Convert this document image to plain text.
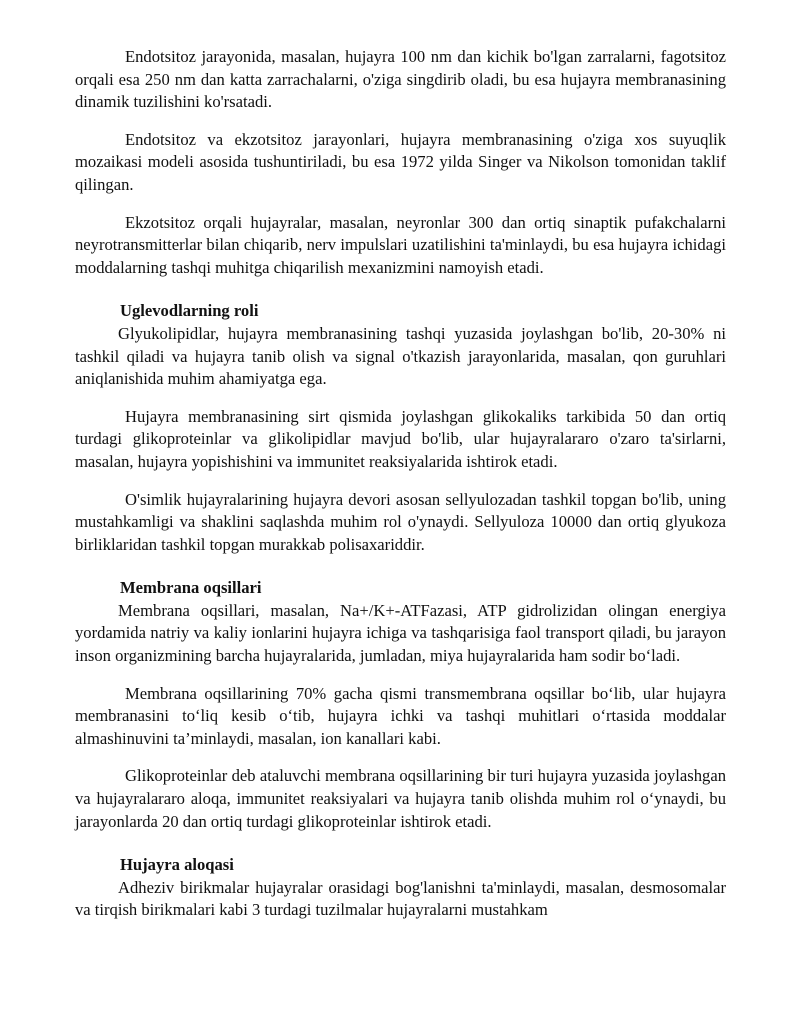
Endotsitoz jarayonida, masalan, hujayra 100 nm dan kichik bo'lgan zarralarni, fagotsitoz orqali esa 250 nm dan katta zarrachalarni, o'ziga singdirib oladi, bu esa hujayra membranasining dinamik tuzilishini ko'rsatadi.

Endotsitoz va ekzotsitoz jarayonlari, hujayra membranasining o'ziga xos suyuqlik mozaikasi modeli asosida tushuntiriladi, bu esa 1972 yilda Singer va Nikolson tomonidan taklif qilingan.

Ekzotsitoz orqali hujayralar, masalan, neyronlar 300 dan ortiq sinaptik pufakchalarni neyrotransmitterlar bilan chiqarib, nerv impulslari uzatilishini ta'minlaydi, bu esa hujayra ichidagi moddalarning tashqi muhitga chiqarilish mexanizmini namoyish etadi.

Uglevodlarning roli

Glyukolipidlar, hujayra membranasining tashqi yuzasida joylashgan bo'lib, 20-30% ni tashkil qiladi va hujayra tanib olish va signal o'tkazish jarayonlarida, masalan, qon guruhlari aniqlanishida muhim ahamiyatga ega.

Hujayra membranasining sirt qismida joylashgan glikokaliks tarkibida 50 dan ortiq turdagi glikoproteinlar va glikolipidlar mavjud bo'lib, ular hujayralararo o'zaro ta'sirlarni, masalan, hujayra yopishishini va immunitet reaksiyalarida ishtirok etadi.

O'simlik hujayralarining hujayra devori asosan sellyulozadan tashkil topgan bo'lib, uning mustahkamligi va shaklini saqlashda muhim rol o'ynaydi. Sellyuloza 10000 dan ortiq glyukoza birliklaridan tashkil topgan murakkab polisaxariddir.

Membrana oqsillari

Membrana oqsillari, masalan, Na+/K+-ATFazasi, ATP gidrolizidan olingan energiya yordamida natriy va kaliy ionlarini hujayra ichiga va tashqarisiga faol transport qiladi, bu jarayon inson organizmining barcha hujayralarida, jumladan, miya hujayralarida ham sodir bo‘ladi.

Membrana oqsillarining 70% gacha qismi transmembrana oqsillar bo‘lib, ular hujayra membranasini to‘liq kesib o‘tib, hujayra ichki va tashqi muhitlari o‘rtasida moddalar almashinuvini ta’minlaydi, masalan, ion kanallari kabi.

Glikoproteinlar deb ataluvchi membrana oqsillarining bir turi hujayra yuzasida joylashgan va hujayralararo aloqa, immunitet reaksiyalari va hujayra tanib olishda muhim rol o‘ynaydi, bu jarayonlarda 20 dan ortiq turdagi glikoproteinlar ishtirok etadi.

Hujayra aloqasi

Adheziv birikmalar hujayralar orasidagi bog'lanishni ta'minlaydi, masalan, desmosomalar va tirqish birikmalari kabi 3 turdagi tuzilmalar hujayralarni mustahkam
